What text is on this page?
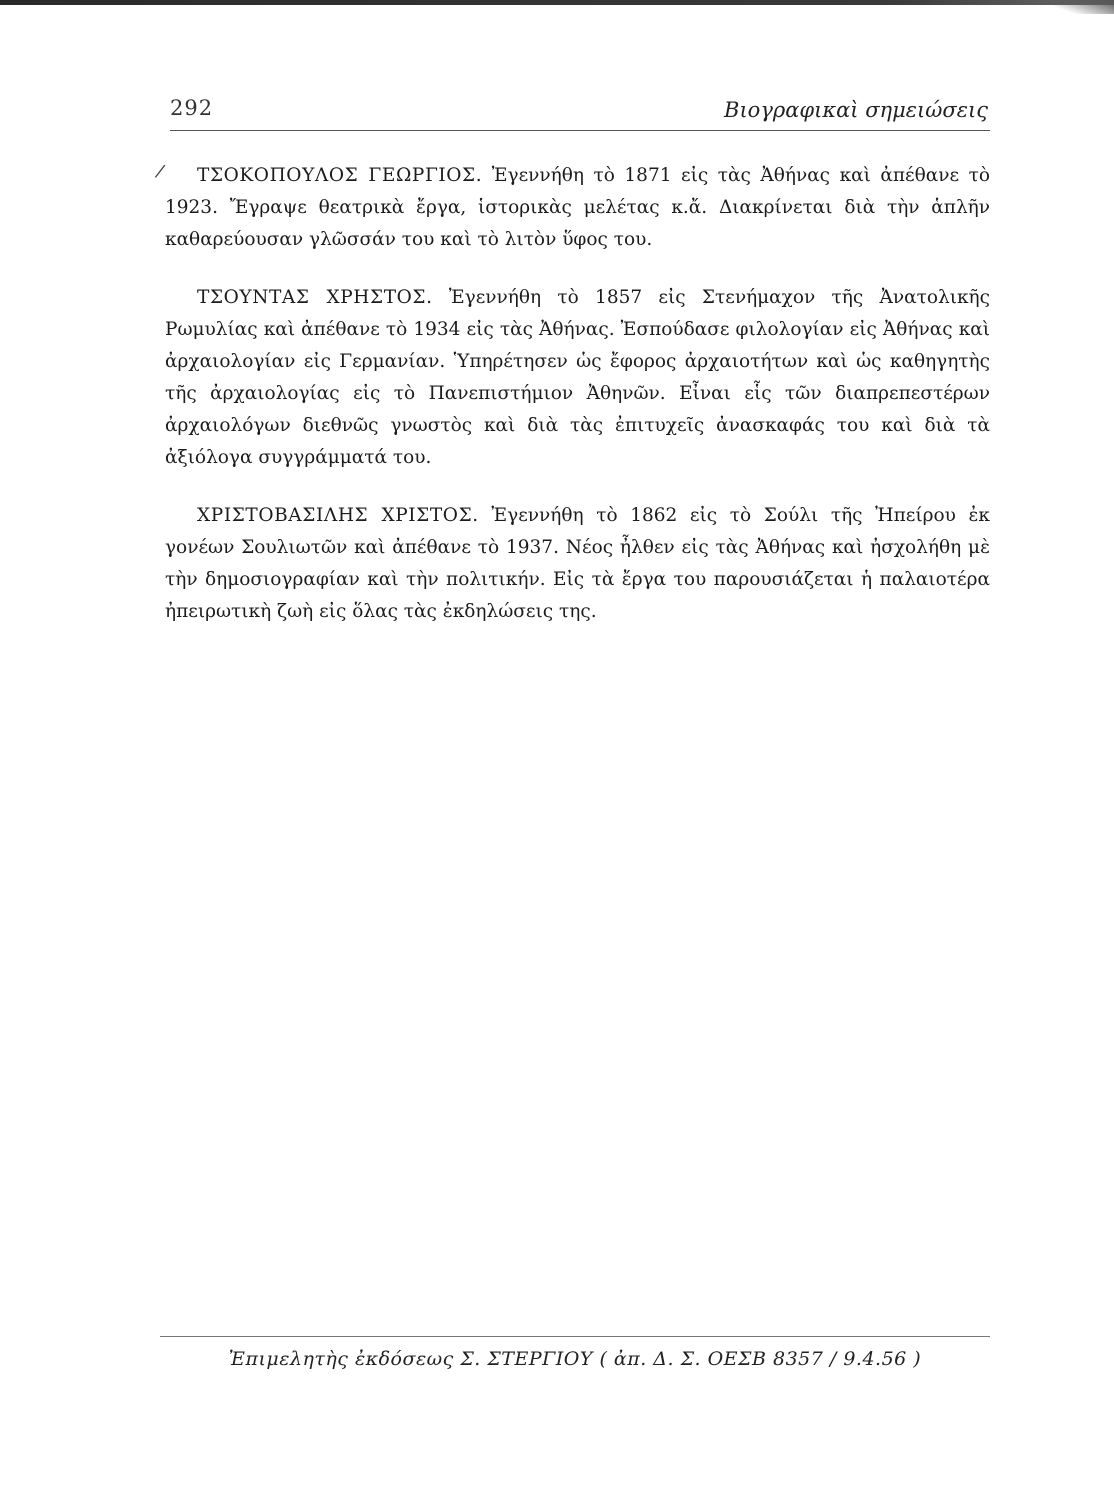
292	Βιογραφικαὶ σημειώσεις
/	ΤΣΟΚΟΠΟΥΛΟΣ ΓΕΩΡΓΙΟΣ. Ἐγεννήθη τὸ 1871 εἰς τὰς Ἀθήνας καὶ ἀπέθανε τὸ 1923. Ἔγραψε θεατρικὰ ἔργα, ἱστορικὰς μελέτας κ.ἄ. Διακρίνεται διὰ τὴν ἁπλῆν καθαρεύουσαν γλῶσσάν του καὶ τὸ λιτὸν ὕφος του.

ΤΣΟΥΝΤΑΣ ΧΡΗΣΤΟΣ. Ἐγεννήθη τὸ 1857 εἰς Στενήμαχον τῆς Ἀνατολικῆς Ρωμυλίας καὶ ἀπέθανε τὸ 1934 εἰς τὰς Ἀθήνας. Ἐσπούδασε φιλολογίαν εἰς Ἀθήνας καὶ ἀρχαιολογίαν εἰς Γερμανίαν. Ὑπηρέτησεν ὡς ἔφορος ἀρχαιοτήτων καὶ ὡς καθηγητὴς τῆς ἀρχαιολογίας εἰς τὸ Πανεπιστήμιον Ἀθηνῶν. Εἶναι εἷς τῶν διαπρεπεστέρων ἀρχαιολόγων διεθνῶς γνωστὸς καὶ διὰ τὰς ἐπιτυχεῖς ἀνασκαφάς του καὶ διὰ τὰ ἀξιόλογα συγγράμματά του.

ΧΡΙΣΤΟΒΑΣΙΛΗΣ ΧΡΙΣΤΟΣ. Ἐγεννήθη τὸ 1862 εἰς τὸ Σούλι τῆς Ἠπείρου ἐκ γονέων Σουλιωτῶν καὶ ἀπέθανε τὸ 1937. Νέος ἦλθεν εἰς τὰς Ἀθήνας καὶ ἠσχολήθη μὲ τὴν δημοσιογραφίαν καὶ τὴν πολιτικήν. Εἰς τὰ ἔργα του παρουσιάζεται ἡ παλαιοτέρα ἠπειρωτικὴ ζωὴ εἰς ὅλας τὰς ἐκδηλώσεις της.

Ἐπιμελητὴς ἐκδόσεως Σ. ΣΤΕΡΓΙΟΥ ( ἀπ. Δ. Σ. ΟΕΣΒ 8357 / 9.4.56 )
